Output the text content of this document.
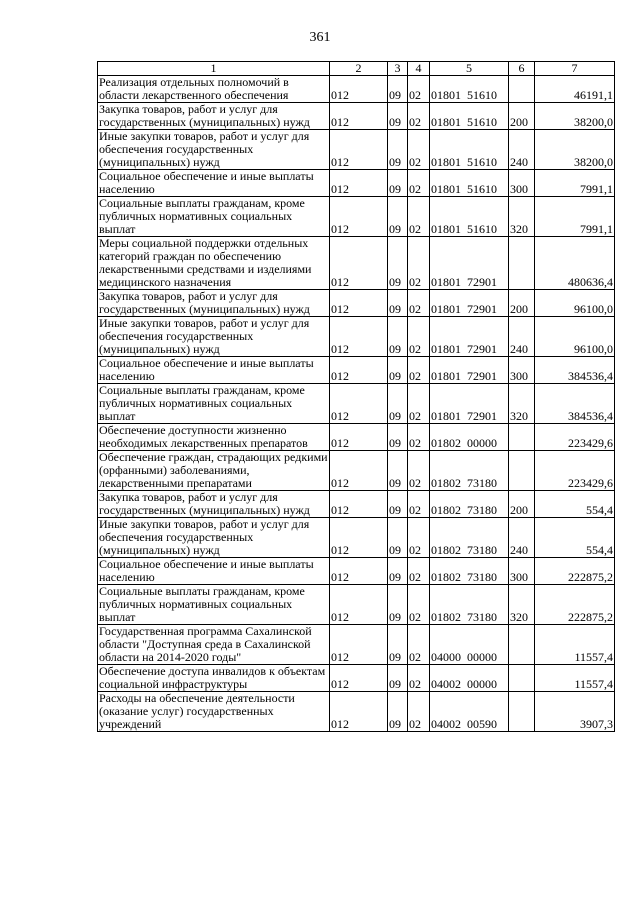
361
1	2	3	4	5	6	7
Реализация отдельных полномочий в области лекарственного обеспечения	012	09	02	01801  51610		46191,1
Закупка товаров, работ и услуг для государственных (муниципальных) нужд	012	09	02	01801  51610	200	38200,0
Иные закупки товаров, работ и услуг для обеспечения государственных (муниципальных) нужд	012	09	02	01801  51610	240	38200,0
Социальное обеспечение и иные выплаты населению	012	09	02	01801  51610	300	7991,1
Социальные выплаты гражданам, кроме публичных нормативных социальных выплат	012	09	02	01801  51610	320	7991,1
Меры социальной поддержки отдельных категорий граждан по обеспечению лекарственными средствами и изделиями медицинского назначения	012	09	02	01801  72901		480636,4
Закупка товаров, работ и услуг для государственных (муниципальных) нужд	012	09	02	01801  72901	200	96100,0
Иные закупки товаров, работ и услуг для обеспечения государственных (муниципальных) нужд	012	09	02	01801  72901	240	96100,0
Социальное обеспечение и иные выплаты населению	012	09	02	01801  72901	300	384536,4
Социальные выплаты гражданам, кроме публичных нормативных социальных выплат	012	09	02	01801  72901	320	384536,4
Обеспечение доступности жизненно необходимых лекарственных препаратов	012	09	02	01802  00000		223429,6
Обеспечение граждан, страдающих редкими (орфанными) заболеваниями, лекарственными препаратами	012	09	02	01802  73180		223429,6
Закупка товаров, работ и услуг для государственных (муниципальных) нужд	012	09	02	01802  73180	200	554,4
Иные закупки товаров, работ и услуг для обеспечения государственных (муниципальных) нужд	012	09	02	01802  73180	240	554,4
Социальное обеспечение и иные выплаты населению	012	09	02	01802  73180	300	222875,2
Социальные выплаты гражданам, кроме публичных нормативных социальных выплат	012	09	02	01802  73180	320	222875,2
Государственная программа Сахалинской области "Доступная среда в Сахалинской области на 2014-2020 годы"	012	09	02	04000  00000		11557,4
Обеспечение доступа инвалидов к объектам социальной инфраструктуры	012	09	02	04002  00000		11557,4
Расходы на обеспечение деятельности (оказание услуг) государственных учреждений	012	09	02	04002  00590		3907,3
